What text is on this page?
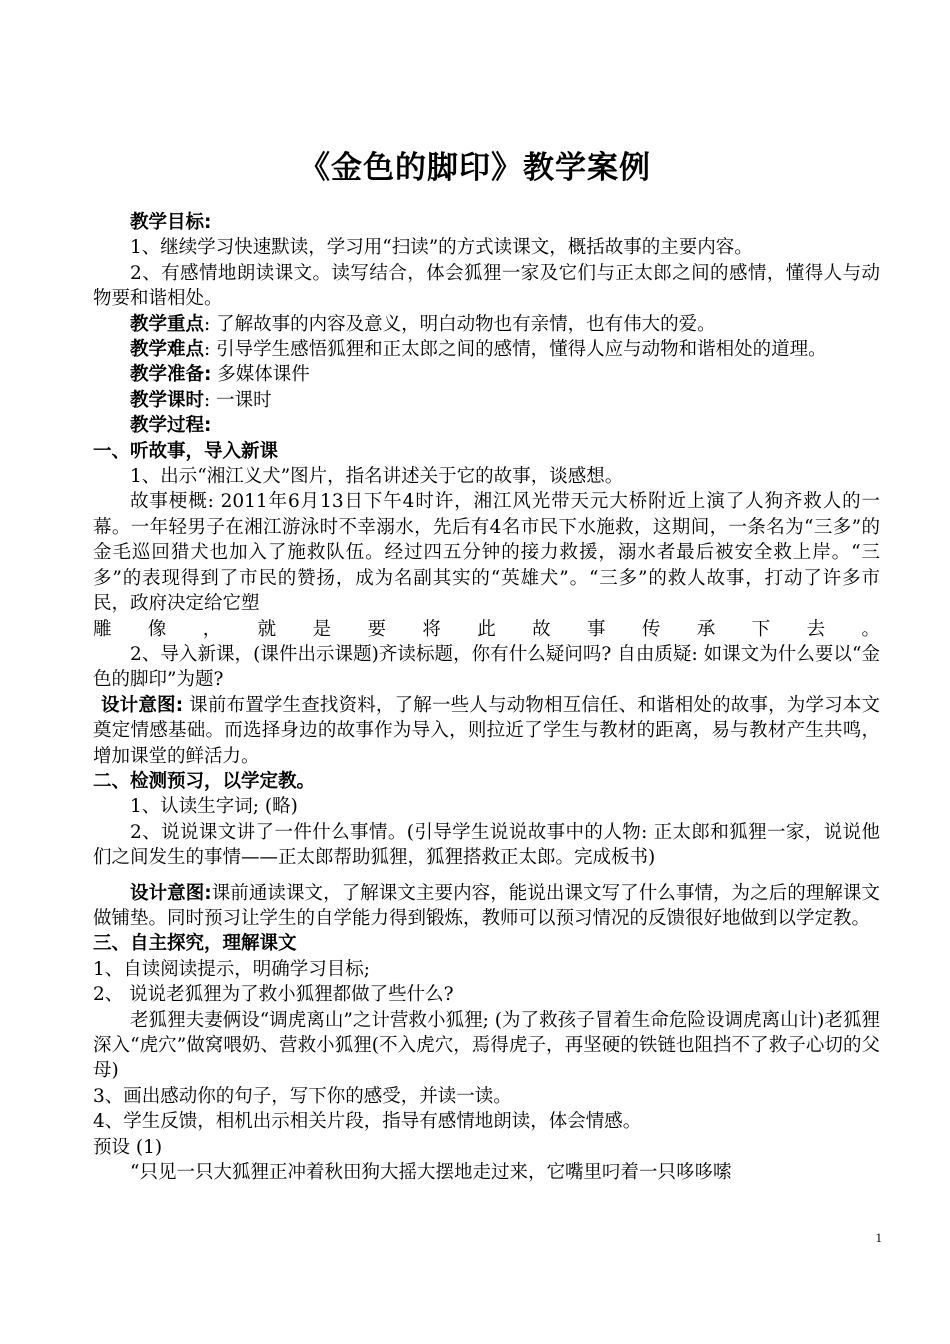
《金色的脚印》教学案例

教学目标:

1、继续学习快速默读，学习用“扫读”的方式读课文，概括故事的主要内容。

2、有感情地朗读课文。读写结合，体会狐狸一家及它们与正太郎之间的感情，懂得人与动物要和谐相处。

教学重点: 了解故事的内容及意义，明白动物也有亲情，也有伟大的爱。

教学难点: 引导学生感悟狐狸和正太郎之间的感情，懂得人应与动物和谐相处的道理。

教学准备: 多媒体课件

教学课时: 一课时

教学过程:

一、听故事，导入新课

1、出示“湘江义犬”图片，指名讲述关于它的故事，谈感想。

故事梗概: 2011年6月13日下午4时许，湘江风光带天元大桥附近上演了人狗齐救人的一幕。一年轻男子在湘江游泳时不幸溺水，先后有4名市民下水施救，这期间，一条名为“三多”的金毛巡回猎犬也加入了施救队伍。经过四五分钟的接力救援，溺水者最后被安全救上岸。“三多”的表现得到了市民的赞扬，成为名副其实的“英雄犬”。“三多”的救人故事，打动了许多市民，政府决定给它塑

雕像，就是要将此故事传承下去。

2、导入新课，(课件出示课题)齐读标题，你有什么疑问吗? 自由质疑: 如课文为什么要以“金色的脚印”为题?

设计意图: 课前布置学生查找资料，了解一些人与动物相互信任、和谐相处的故事，为学习本文奠定情感基础。而选择身边的故事作为导入，则拉近了学生与教材的距离，易与教材产生共鸣，增加课堂的鲜活力。

二、检测预习，以学定教。

1、认读生字词; (略)

2、说说课文讲了一件什么事情。(引导学生说说故事中的人物: 正太郎和狐狸一家，说说他们之间发生的事情——正太郎帮助狐狸，狐狸搭救正太郎。完成板书)

设计意图:课前通读课文，了解课文主要内容，能说出课文写了什么事情，为之后的理解课文做铺垫。同时预习让学生的自学能力得到锻炼，教师可以预习情况的反馈很好地做到以学定教。

三、自主探究，理解课文

1、自读阅读提示，明确学习目标;

2、 说说老狐狸为了救小狐狸都做了些什么?

老狐狸夫妻俩设“调虎离山”之计营救小狐狸; (为了救孩子冒着生命危险设调虎离山计)老狐狸深入“虎穴”做窝喂奶、营救小狐狸(不入虎穴，焉得虎子，再坚硬的铁链也阻挡不了救子心切的父母)

3、画出感动你的句子，写下你的感受，并读一读。

4、学生反馈，相机出示相关片段，指导有感情地朗读，体会情感。

预设 (1)

“只见一只大狐狸正冲着秋田狗大摇大摆地走过来，它嘴里叼着一只哆哆嗦

1
